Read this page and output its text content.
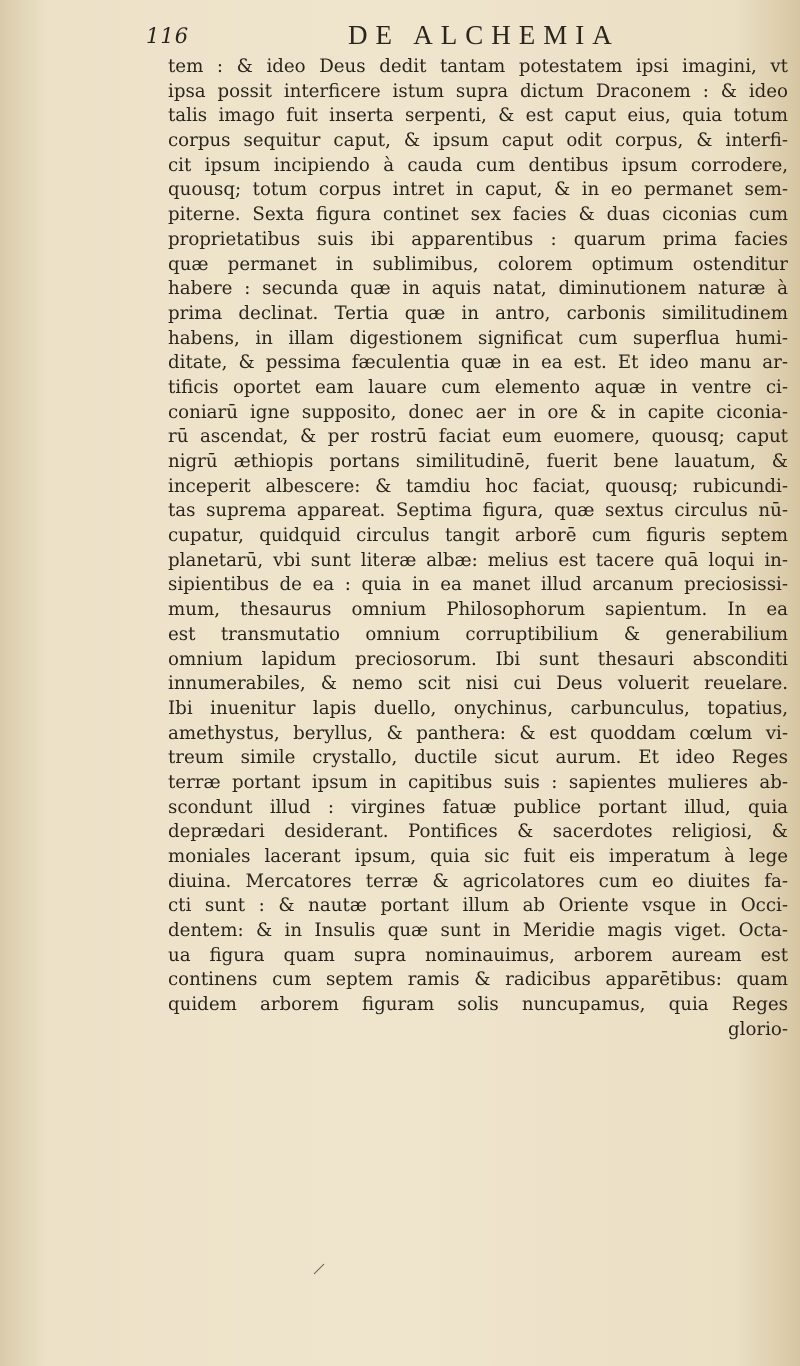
116	DE ALCHEMIA
tem : & ideo Deus dedit tantam potestatem ipsi imagini, vt
ipsa possit interficere istum supra dictum Draconem : & ideo
talis imago fuit inserta serpenti, & est caput eius, quia totum
corpus sequitur caput, & ipsum caput odit corpus, & interfi-
cit ipsum incipiendo à cauda cum dentibus ipsum corrodere,
quousq; totum corpus intret in caput, & in eo permanet sem-
piterne. Sexta figura continet sex facies & duas ciconias cum
proprietatibus suis ibi apparentibus : quarum prima facies
quæ permanet in sublimibus, colorem optimum ostenditur
habere : secunda quæ in aquis natat, diminutionem naturæ à
prima declinat. Tertia quæ in antro, carbonis similitudinem
habens, in illam digestionem significat cum superflua humi-
ditate, & pessima fæculentia quæ in ea est. Et ideo manu ar-
tificis oportet eam lauare cum elemento aquæ in ventre ci-
coniarū igne supposito, donec aer in ore & in capite ciconia-
rū ascendat, & per rostrū faciat eum euomere, quousq; caput
nigrū æthiopis portans similitudinē, fuerit bene lauatum, &
inceperit albescere: & tamdiu hoc faciat, quousq; rubicundi-
tas suprema appareat. Septima figura, quæ sextus circulus nū-
cupatur, quidquid circulus tangit arborē cum figuris septem
planetarū, vbi sunt literæ albæ: melius est tacere quā loqui in-
sipientibus de ea : quia in ea manet illud arcanum preciosissi-
mum, thesaurus omnium Philosophorum sapientum. In ea
est transmutatio omnium corruptibilium & generabilium
omnium lapidum preciosorum. Ibi sunt thesauri absconditi
innumerabiles, & nemo scit nisi cui Deus voluerit reuelare.
Ibi inuenitur lapis duello, onychinus, carbunculus, topatius,
amethystus, beryllus, & panthera: & est quoddam cœlum vi-
treum simile crystallo, ductile sicut aurum. Et ideo Reges
terræ portant ipsum in capitibus suis : sapientes mulieres ab-
scondunt illud : virgines fatuæ publice portant illud, quia
deprædari desiderant. Pontifices & sacerdotes religiosi, &
moniales lacerant ipsum, quia sic fuit eis imperatum à lege
diuina. Mercatores terræ & agricolatores cum eo diuites fa-
cti sunt : & nautæ portant illum ab Oriente vsque in Occi-
dentem: & in Insulis quæ sunt in Meridie magis viget. Octa-
ua figura quam supra nominauimus, arborem auream est
continens cum septem ramis & radicibus apparētibus: quam
quidem arborem figuram solis nuncupamus, quia Reges
glorio-
